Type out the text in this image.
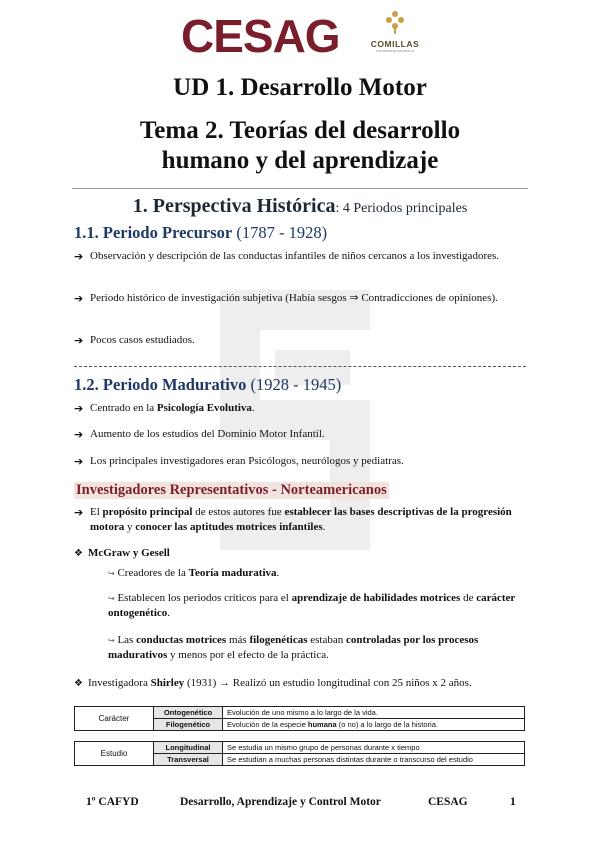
CESAG	COMILLAS
UNIVERSIDAD PONTIFICIA
UD 1. Desarrollo Motor
Tema 2. Teorías del desarrollo
humano y del aprendizaje
1. Perspectiva Histórica: 4 Periodos principales
1.1. Periodo Precursor (1787 - 1928)
➔ Observación y descripción de las conductas infantiles de niños cercanos a los investigadores.
➔ Periodo histórico de investigación subjetiva (Había sesgos ⇒ Contradicciones de opiniones).
➔ Pocos casos estudiados.
1.2. Periodo Madurativo (1928 - 1945)
➔ Centrado en la Psicología Evolutiva.
➔ Aumento de los estudios del Dominio Motor Infantil.
➔ Los principales investigadores eran Psicólogos, neurólogos y pediatras.
Investigadores Representativos - Norteamericanos
➔ El propósito principal de estos autores fue establecer las bases descriptivas de la progresión motora y conocer las aptitudes motrices infantiles.
❖ McGraw y Gesell
↪ Creadores de la Teoría madurativa.
↪ Establecen los periodos críticos para el aprendizaje de habilidades motrices de carácter ontogenético.
↪ Las conductas motrices más filogenéticas estaban controladas por los procesos madurativos y menos por el efecto de la práctica.
❖ Investigadora Shirley (1931) → Realizó un estudio longitudinal con 25 niños x 2 años.
Carácter	Ontogenético	Evolución de uno mismo a lo largo de la vida.
	Filogenético	Evolución de la especie humana (o no) a lo largo de la historia.
Estudio	Longitudinal	Se estudia un mismo grupo de personas durante x tiempo
	Transversal	Se estudian a muchas personas distintas durante o transcurso del estudio
1º CAFYD	Desarrollo, Aprendizaje y Control Motor	CESAG	1
